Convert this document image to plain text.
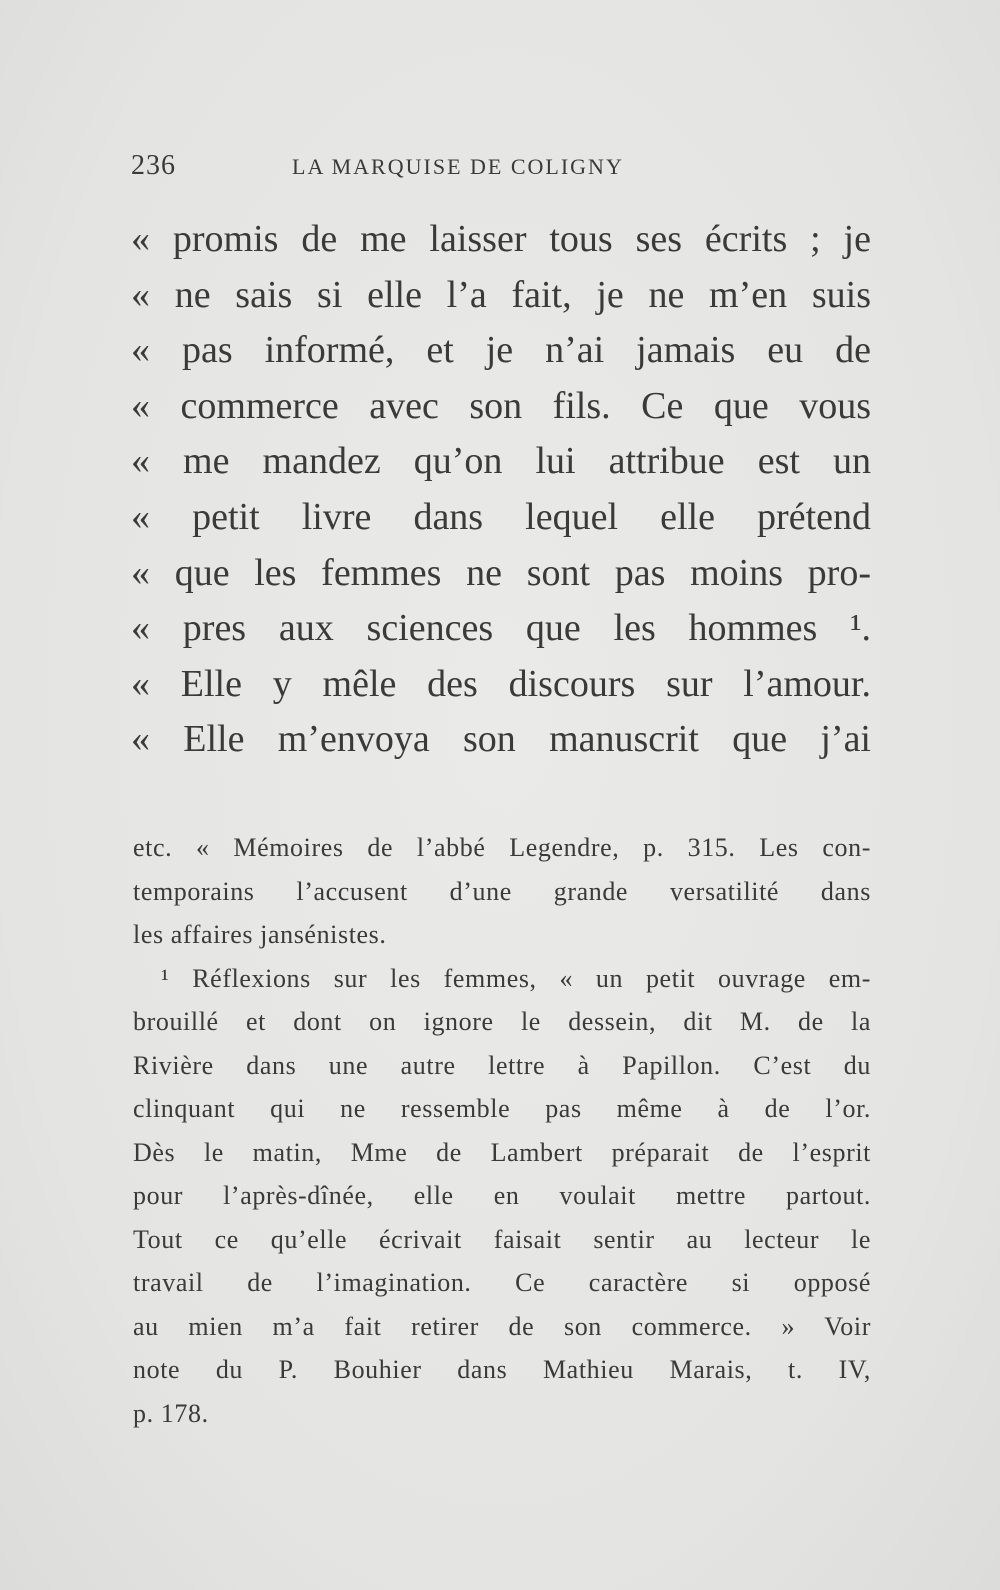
236	LA MARQUISE DE COLIGNY
« promis de me laisser tous ses écrits ; je
« ne sais si elle l’a fait, je ne m’en suis
« pas informé, et je n’ai jamais eu de
« commerce avec son fils. Ce que vous
« me mandez qu’on lui attribue est un
« petit livre dans lequel elle prétend
« que les femmes ne sont pas moins pro-
« pres aux sciences que les hommes ¹.
« Elle y mêle des discours sur l’amour.
« Elle m’envoya son manuscrit que j’ai
etc. « Mémoires de l’abbé Legendre, p. 315. Les con-
temporains l’accusent d’une grande versatilité dans
les affaires jansénistes.
¹ Réflexions sur les femmes, « un petit ouvrage em-
brouillé et dont on ignore le dessein, dit M. de la
Rivière dans une autre lettre à Papillon. C’est du
clinquant qui ne ressemble pas même à de l’or.
Dès le matin, Mme de Lambert préparait de l’esprit
pour l’après-dînée, elle en voulait mettre partout.
Tout ce qu’elle écrivait faisait sentir au lecteur le
travail de l’imagination. Ce caractère si opposé
au mien m’a fait retirer de son commerce. » Voir
note du P. Bouhier dans Mathieu Marais, t. IV,
p. 178.
